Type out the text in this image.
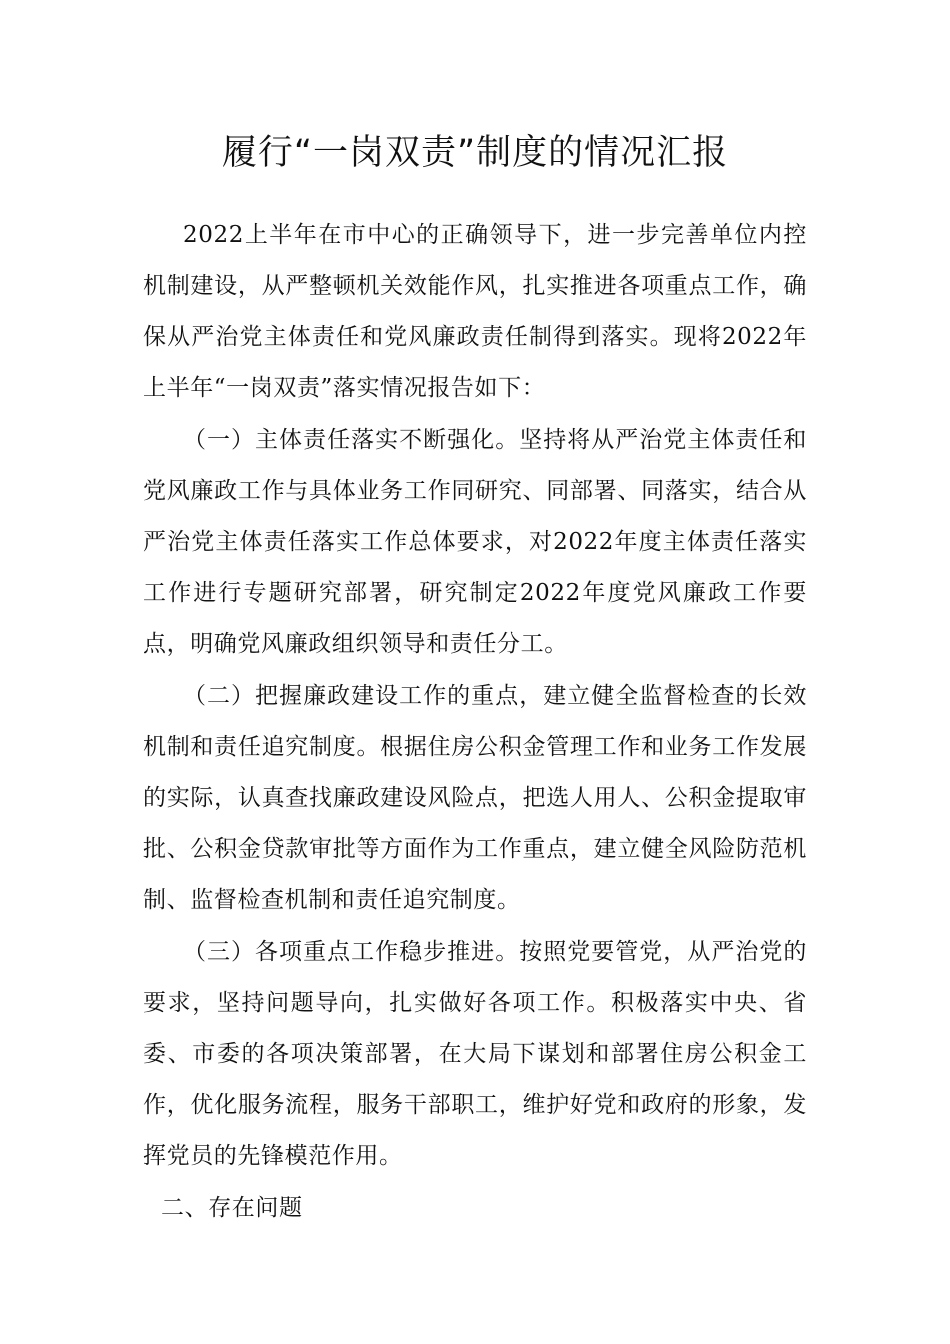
履行“一岗双责”制度的情况汇报

2022上半年在市中心的正确领导下，进一步完善单位内控机制建设，从严整顿机关效能作风，扎实推进各项重点工作，确保从严治党主体责任和党风廉政责任制得到落实。现将2022年上半年“一岗双责”落实情况报告如下：

（一）主体责任落实不断强化。坚持将从严治党主体责任和党风廉政工作与具体业务工作同研究、同部署、同落实，结合从严治党主体责任落实工作总体要求，对2022年度主体责任落实工作进行专题研究部署，研究制定2022年度党风廉政工作要点，明确党风廉政组织领导和责任分工。

（二）把握廉政建设工作的重点，建立健全监督检查的长效机制和责任追究制度。根据住房公积金管理工作和业务工作发展的实际，认真查找廉政建设风险点，把选人用人、公积金提取审批、公积金贷款审批等方面作为工作重点，建立健全风险防范机制、监督检查机制和责任追究制度。

（三）各项重点工作稳步推进。按照党要管党，从严治党的要求，坚持问题导向，扎实做好各项工作。积极落实中央、省委、市委的各项决策部署，在大局下谋划和部署住房公积金工作，优化服务流程，服务干部职工，维护好党和政府的形象，发挥党员的先锋模范作用。

二、存在问题
